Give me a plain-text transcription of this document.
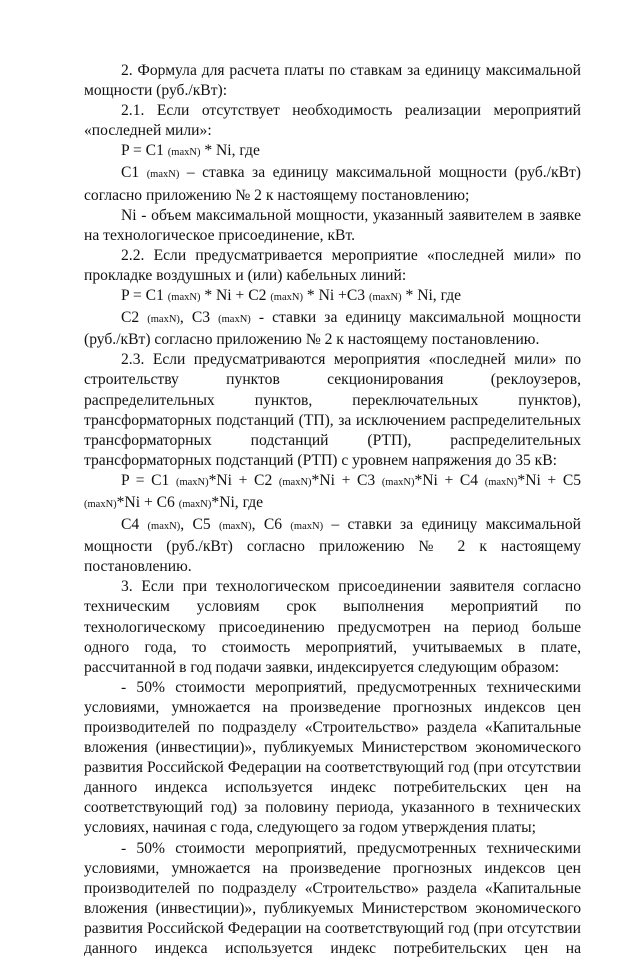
2. Формула для расчета платы по ставкам за единицу максимальной мощности (руб./кВт):

2.1. Если отсутствует необходимость реализации мероприятий «последней мили»:

P = C1 (maxN) * Ni, где

C1 (maxN) – ставка за единицу максимальной мощности (руб./кВт) согласно приложению № 2 к настоящему постановлению;

Ni - объем максимальной мощности, указанный заявителем в заявке на технологическое присоединение, кВт.

2.2. Если предусматривается мероприятие «последней мили» по прокладке воздушных и (или) кабельных линий:

P = C1 (maxN) * Ni + C2 (maxN) * Ni +C3 (maxN) * Ni, где

C2 (maxN), C3 (maxN) - ставки за единицу максимальной мощности (руб./кВт) согласно приложению № 2 к настоящему постановлению.

2.3. Если предусматриваются мероприятия «последней мили» по строительству пунктов секционирования (реклоузеров, распределительных пунктов, переключательных пунктов), трансформаторных подстанций (ТП), за исключением распределительных трансформаторных подстанций (РТП), распределительных трансформаторных подстанций (РТП) с уровнем напряжения до 35 кВ:

P = C1 (maxN)*Ni + C2 (maxN)*Ni + C3 (maxN)*Ni + C4 (maxN)*Ni + C5 (maxN)*Ni + C6 (maxN)*Ni, где

C4 (maxN), C5 (maxN), C6 (maxN) – ставки за единицу максимальной мощности (руб./кВт) согласно приложению № 2 к настоящему постановлению.

3. Если при технологическом присоединении заявителя согласно техническим условиям срок выполнения мероприятий по технологическому присоединению предусмотрен на период больше одного года, то стоимость мероприятий, учитываемых в плате, рассчитанной в год подачи заявки, индексируется следующим образом:

- 50% стоимости мероприятий, предусмотренных техническими условиями, умножается на произведение прогнозных индексов цен производителей по подразделу «Строительство» раздела «Капитальные вложения (инвестиции)», публикуемых Министерством экономического развития Российской Федерации на соответствующий год (при отсутствии данного индекса используется индекс потребительских цен на соответствующий год) за половину периода, указанного в технических условиях, начиная с года, следующего за годом утверждения платы;

- 50% стоимости мероприятий, предусмотренных техническими условиями, умножается на произведение прогнозных индексов цен производителей по подразделу «Строительство» раздела «Капитальные вложения (инвестиции)», публикуемых Министерством экономического развития Российской Федерации на соответствующий год (при отсутствии данного индекса используется индекс потребительских цен на
